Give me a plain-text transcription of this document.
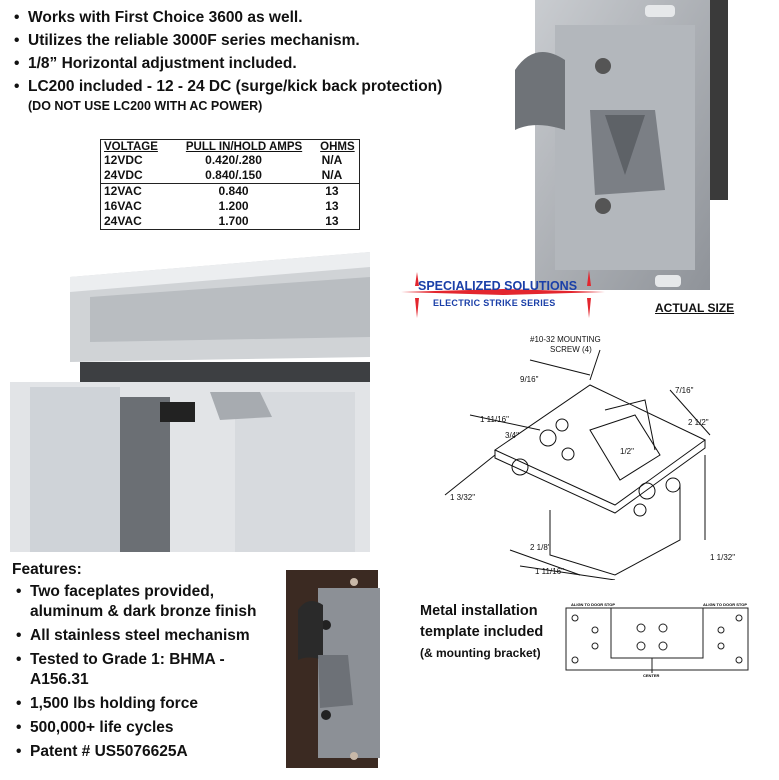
• Works with First Choice 3600 as well.
• Utilizes the reliable 3000F series mechanism.
• 1/8” Horizontal adjustment included.
• LC200 included - 12 - 24 DC (surge/kick back protection)
(DO NOT USE LC200 WITH AC POWER)
VOLTAGE	PULL IN/HOLD AMPS	OHMS
12VDC	0.420/.280	N/A
24VDC	0.840/.150	N/A
12VAC	0.840	13
16VAC	1.200	13
24VAC	1.700	13
SPECIALIZED SOLUTIONS
ELECTRIC STRIKE SERIES	ACTUAL SIZE
#10-32 MOUNTING
SCREW (4)
9/16"
7/16"
1 11/16"	2 1/2"
3/4"
1/2"
1 3/32"
2 1/8"
1 1/32"
1 11/16"
Features:
• Two faceplates provided, aluminum & dark bronze finish
• All stainless steel mechanism
• Tested to Grade 1: BHMA - A156.31
• 1,500 lbs holding force
• 500,000+ life cycles
• Patent # US5076625A
Metal installation template included
(& mounting bracket)
ALIGN TO DOOR STOP	ALIGN TO DOOR STOP
CENTER
